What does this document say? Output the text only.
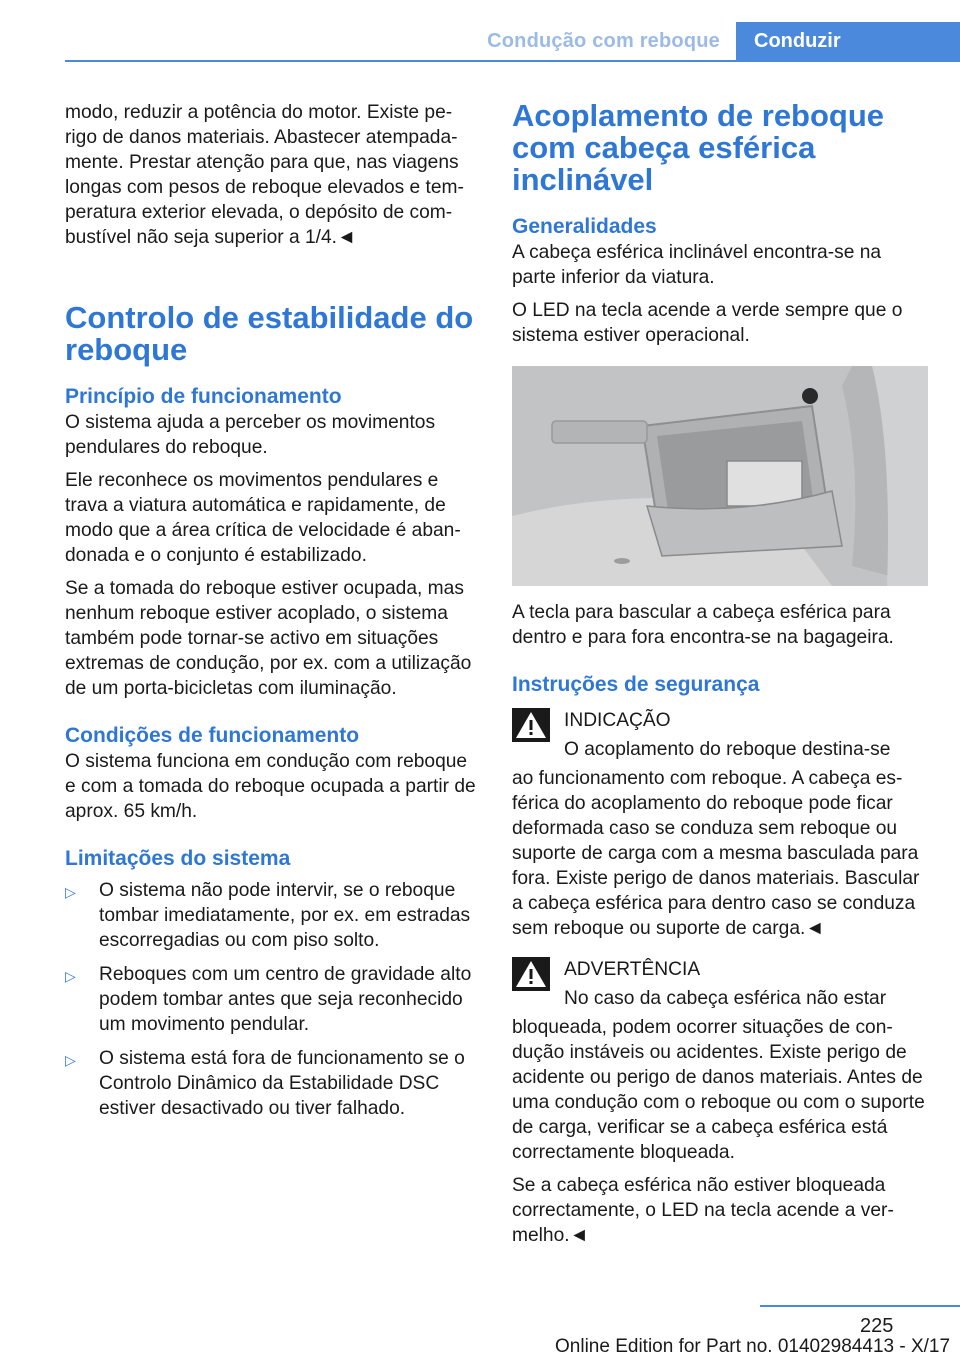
Condução com reboque	Conduzir

modo, reduzir a potência do motor. Existe perigo de danos materiais. Abastecer atempadamente. Prestar atenção para que, nas viagens longas com pesos de reboque elevados e temperatura exterior elevada, o depósito de combustível não seja superior a 1/4.◄

Controlo de estabilidade do reboque
Princípio de funcionamento

O sistema ajuda a perceber os movimentos pendulares do reboque.

Ele reconhece os movimentos pendulares e trava a viatura automática e rapidamente, de modo que a área crítica de velocidade é abandonada e o conjunto é estabilizado.

Se a tomada do reboque estiver ocupada, mas nenhum reboque estiver acoplado, o sistema também pode tornar-se activo em situações extremas de condução, por ex. com a utilização de um porta-bicicletas com iluminação.

Condições de funcionamento

O sistema funciona em condução com reboque e com a tomada do reboque ocupada a partir de aprox. 65 km/h.

Limitações do sistema
▷ O sistema não pode intervir, se o reboque tombar imediatamente, por ex. em estradas escorregadias ou com piso solto.
▷ Reboques com um centro de gravidade alto podem tombar antes que seja reconhecido um movimento pendular.
▷ O sistema está fora de funcionamento se o Controlo Dinâmico da Estabilidade DSC estiver desactivado ou tiver falhado.
Acoplamento de reboque com cabeça esférica inclinável
Generalidades

A cabeça esférica inclinável encontra-se na parte inferior da viatura.

O LED na tecla acende a verde sempre que o sistema estiver operacional.

A tecla para bascular a cabeça esférica para dentro e para fora encontra-se na bagageira.

Instruções de segurança
INDICAÇÃO
O acoplamento do reboque destina-se

ao funcionamento com reboque. A cabeça esférica do acoplamento do reboque pode ficar deformada caso se conduza sem reboque ou suporte de carga com a mesma basculada para fora. Existe perigo de danos materiais. Bascular a cabeça esférica para dentro caso se conduza sem reboque ou suporte de carga.◄

ADVERTÊNCIA
No caso da cabeça esférica não estar

bloqueada, podem ocorrer situações de condução instáveis ou acidentes. Existe perigo de acidente ou perigo de danos materiais. Antes de uma condução com o reboque ou com o suporte de carga, verificar se a cabeça esférica está correctamente bloqueada.

Se a cabeça esférica não estiver bloqueada correctamente, o LED na tecla acende a vermelho.◄

225
Online Edition for Part no. 01402984413 - X/17
